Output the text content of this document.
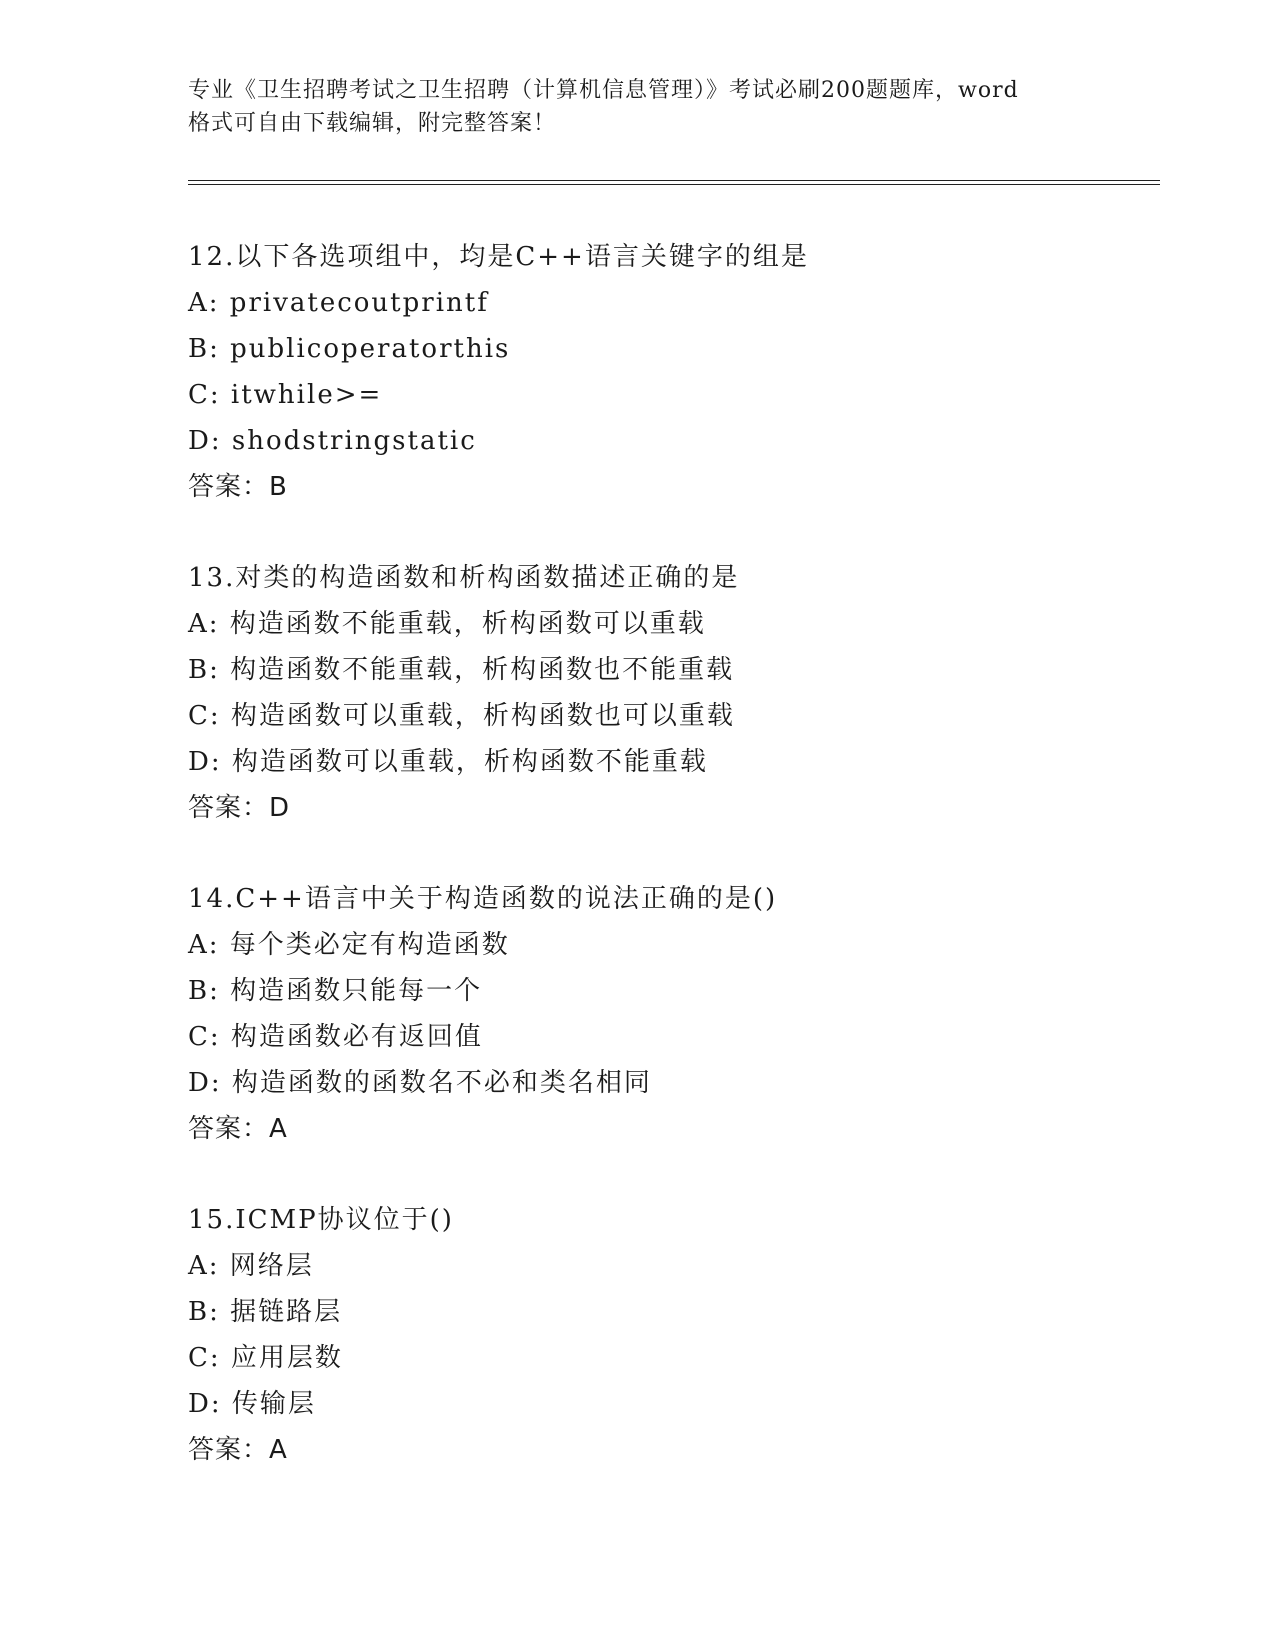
专业《卫生招聘考试之卫生招聘（计算机信息管理）》考试必刷200题题库，word
格式可自由下载编辑，附完整答案！
12.以下各选项组中，均是C++语言关键字的组是
A: privatecoutprintf
B: publicoperatorthis
C: itwhile>=
D: shodstringstatic
答案：B
13.对类的构造函数和析构函数描述正确的是
A: 构造函数不能重载，析构函数可以重载
B: 构造函数不能重载，析构函数也不能重载
C: 构造函数可以重载，析构函数也可以重载
D: 构造函数可以重载，析构函数不能重载
答案：D
14.C++语言中关于构造函数的说法正确的是()
A: 每个类必定有构造函数
B: 构造函数只能每一个
C: 构造函数必有返回值
D: 构造函数的函数名不必和类名相同
答案：A
15.ICMP协议位于()
A: 网络层
B: 据链路层
C: 应用层数
D: 传输层
答案：A
